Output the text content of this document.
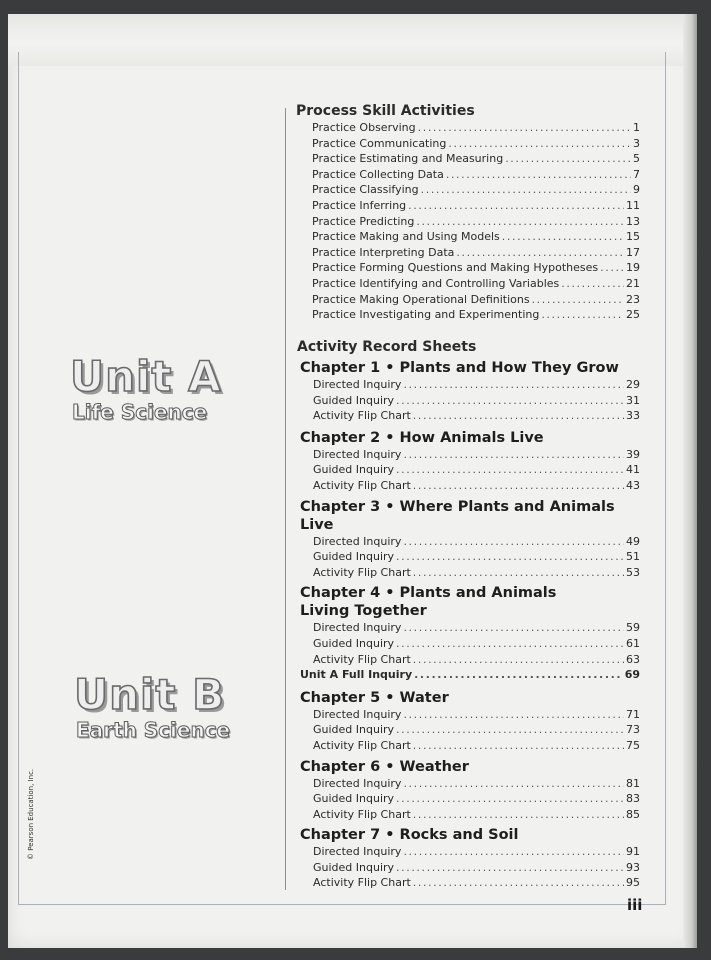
Unit A
Life Science
Unit B
Earth Science
© Pearson Education, Inc.
Process Skill Activities
Practice Observing .....	1
Practice Communicating .....	3
Practice Estimating and Measuring .....	5
Practice Collecting Data .....	7
Practice Classifying .....	9
Practice Inferring .....	11
Practice Predicting .....	13
Practice Making and Using Models .....	15
Practice Interpreting Data .....	17
Practice Forming Questions and Making Hypotheses .....	19
Practice Identifying and Controlling Variables .....	21
Practice Making Operational Definitions .....	23
Practice Investigating and Experimenting .....	25
Activity Record Sheets
Chapter 1 • Plants and How They Grow
Directed Inquiry .....	29
Guided Inquiry .....	31
Activity Flip Chart .....	33
Chapter 2 • How Animals Live
Directed Inquiry .....	39
Guided Inquiry .....	41
Activity Flip Chart .....	43
Chapter 3 • Where Plants and Animals Live
Directed Inquiry .....	49
Guided Inquiry .....	51
Activity Flip Chart .....	53
Chapter 4 • Plants and Animals
Living Together
Directed Inquiry .....	59
Guided Inquiry .....	61
Activity Flip Chart .....	63
Unit A Full Inquiry .....	69
Chapter 5 • Water
Directed Inquiry .....	71
Guided Inquiry .....	73
Activity Flip Chart .....	75
Chapter 6 • Weather
Directed Inquiry .....	81
Guided Inquiry .....	83
Activity Flip Chart .....	85
Chapter 7 • Rocks and Soil
Directed Inquiry .....	91
Guided Inquiry .....	93
Activity Flip Chart .....	95
iii
